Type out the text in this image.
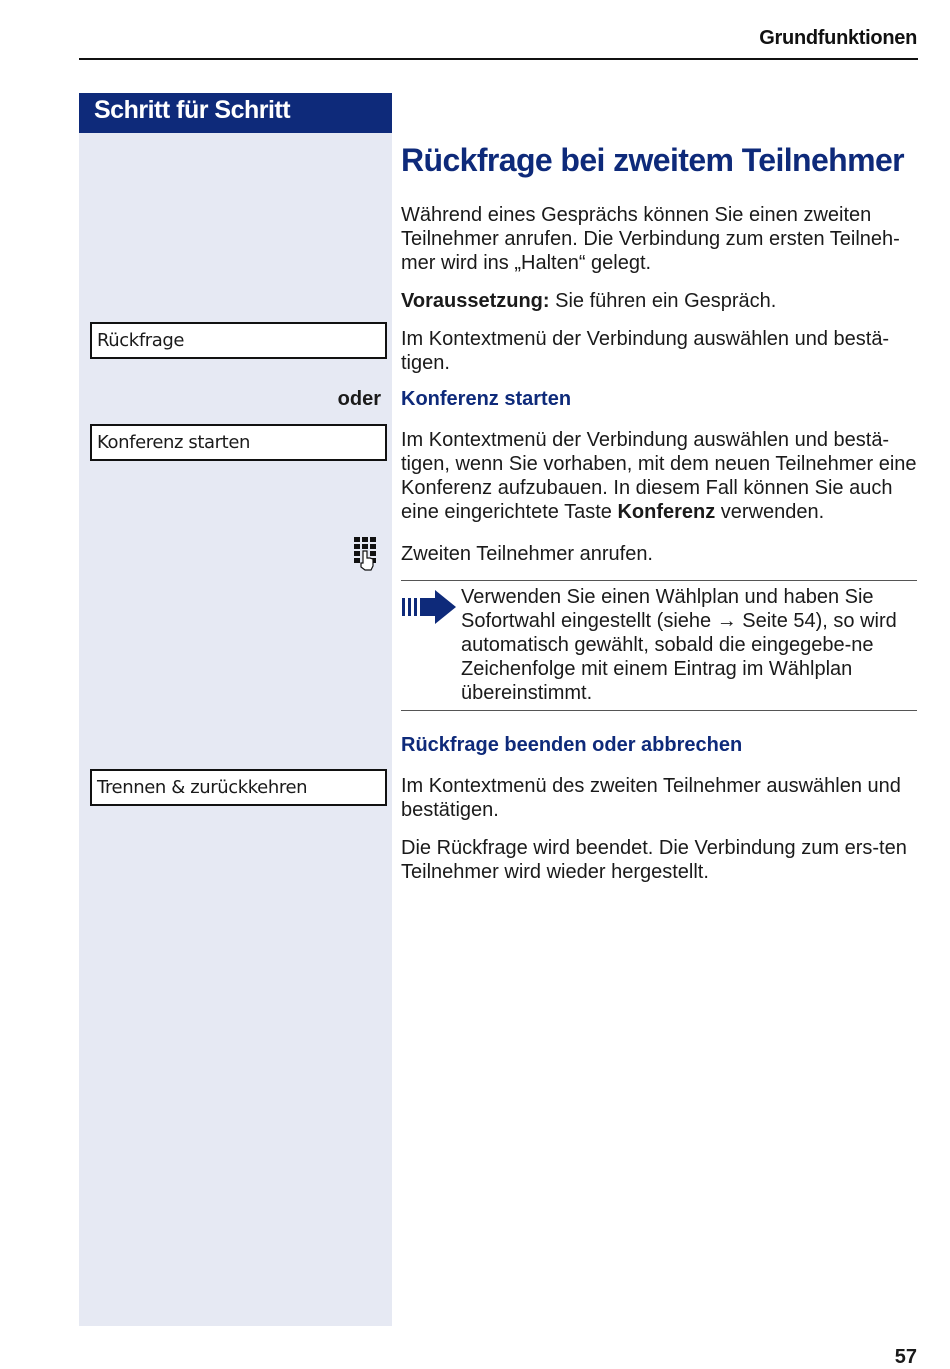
Grundfunktionen
Schritt für Schritt
Rückfrage
oder
Konferenz starten
Trennen & zurückkehren
Rückfrage bei zweitem Teilnehmer
Während eines Gesprächs können Sie einen zweiten Teilnehmer anrufen. Die Verbindung zum ersten Teilneh-mer wird ins „Halten“ gelegt.
Voraussetzung: Sie führen ein Gespräch.
Im Kontextmenü der Verbindung auswählen und bestä-tigen.
Konferenz starten
Im Kontextmenü der Verbindung auswählen und bestä-tigen, wenn Sie vorhaben, mit dem neuen Teilnehmer eine Konferenz aufzubauen. In diesem Fall können Sie auch eine eingerichtete Taste Konferenz verwenden.
Zweiten Teilnehmer anrufen.
Verwenden Sie einen Wählplan und haben Sie Sofortwahl eingestellt (siehe → Seite 54), so wird automatisch gewählt, sobald die eingegebe-ne Zeichenfolge mit einem Eintrag im Wählplan übereinstimmt.
Rückfrage beenden oder abbrechen
Im Kontextmenü des zweiten Teilnehmer auswählen und bestätigen.
Die Rückfrage wird beendet. Die Verbindung zum ers-ten Teilnehmer wird wieder hergestellt.
57
